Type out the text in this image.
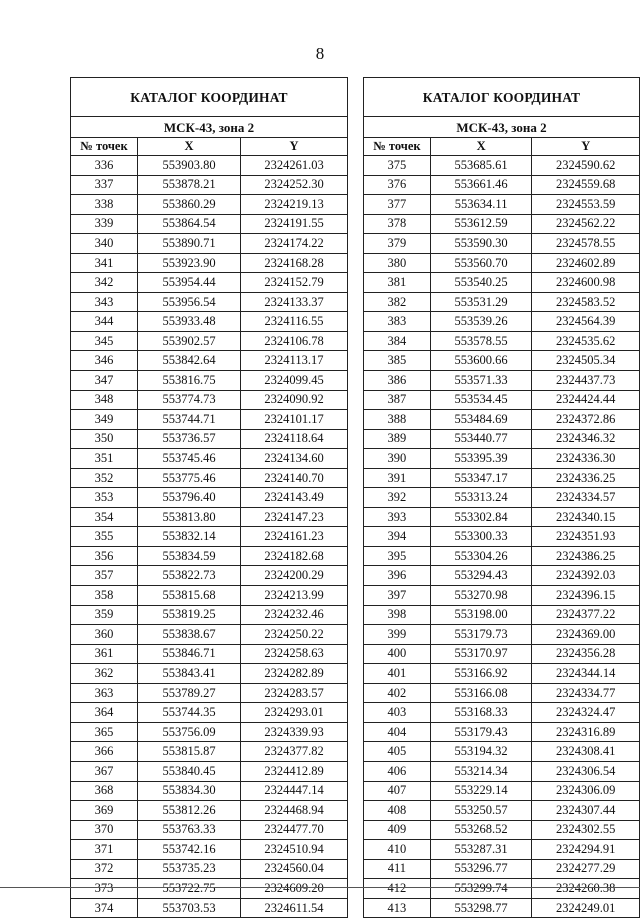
8
КАТАЛОГ КООРДИНАТ		
МСК-43, зона 2		
№ точек	X	Y
336	553903.80	2324261.03
337	553878.21	2324252.30
338	553860.29	2324219.13
339	553864.54	2324191.55
340	553890.71	2324174.22
341	553923.90	2324168.28
342	553954.44	2324152.79
343	553956.54	2324133.37
344	553933.48	2324116.55
345	553902.57	2324106.78
346	553842.64	2324113.17
347	553816.75	2324099.45
348	553774.73	2324090.92
349	553744.71	2324101.17
350	553736.57	2324118.64
351	553745.46	2324134.60
352	553775.46	2324140.70
353	553796.40	2324143.49
354	553813.80	2324147.23
355	553832.14	2324161.23
356	553834.59	2324182.68
357	553822.73	2324200.29
358	553815.68	2324213.99
359	553819.25	2324232.46
360	553838.67	2324250.22
361	553846.71	2324258.63
362	553843.41	2324282.89
363	553789.27	2324283.57
364	553744.35	2324293.01
365	553756.09	2324339.93
366	553815.87	2324377.82
367	553840.45	2324412.89
368	553834.30	2324447.14
369	553812.26	2324468.94
370	553763.33	2324477.70
371	553742.16	2324510.94
372	553735.23	2324560.04
373	553722.75	2324609.20
374	553703.53	2324611.54
КАТАЛОГ КООРДИНАТ		
МСК-43, зона 2		
№ точек	X	Y
375	553685.61	2324590.62
376	553661.46	2324559.68
377	553634.11	2324553.59
378	553612.59	2324562.22
379	553590.30	2324578.55
380	553560.70	2324602.89
381	553540.25	2324600.98
382	553531.29	2324583.52
383	553539.26	2324564.39
384	553578.55	2324535.62
385	553600.66	2324505.34
386	553571.33	2324437.73
387	553534.45	2324424.44
388	553484.69	2324372.86
389	553440.77	2324346.32
390	553395.39	2324336.30
391	553347.17	2324336.25
392	553313.24	2324334.57
393	553302.84	2324340.15
394	553300.33	2324351.93
395	553304.26	2324386.25
396	553294.43	2324392.03
397	553270.98	2324396.15
398	553198.00	2324377.22
399	553179.73	2324369.00
400	553170.97	2324356.28
401	553166.92	2324344.14
402	553166.08	2324334.77
403	553168.33	2324324.47
404	553179.43	2324316.89
405	553194.32	2324308.41
406	553214.34	2324306.54
407	553229.14	2324306.09
408	553250.57	2324307.44
409	553268.52	2324302.55
410	553287.31	2324294.91
411	553296.77	2324277.29
412	553299.74	2324260.38
413	553298.77	2324249.01
